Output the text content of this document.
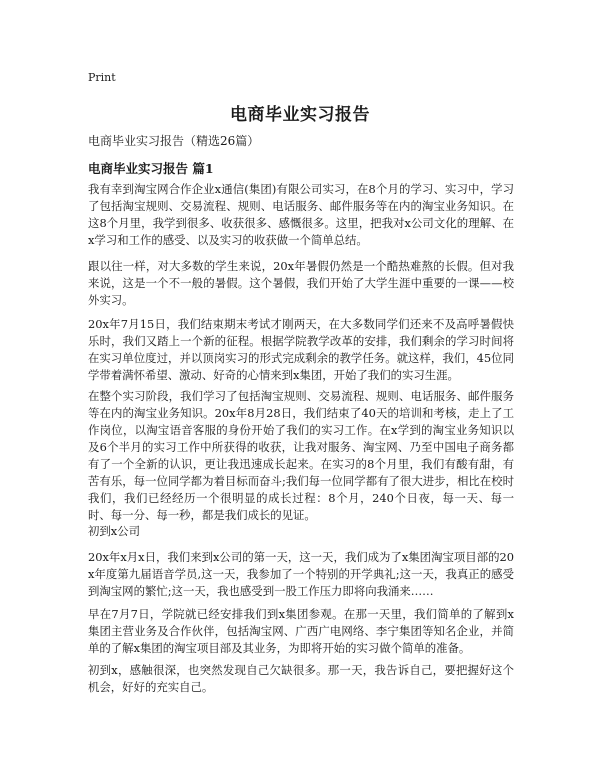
Print
电商毕业实习报告
电商毕业实习报告（精选26篇）
电商毕业实习报告 篇1

我有幸到淘宝网合作企业x通信(集团)有限公司实习，在8个月的学习、实习中，学习了包括淘宝规则、交易流程、规则、电话服务、邮件服务等在内的淘宝业务知识。在这8个月里，我学到很多、收获很多、感慨很多。这里，把我对x公司文化的理解、在x学习和工作的感受、以及实习的收获做一个简单总结。

跟以往一样，对大多数的学生来说，20x年暑假仍然是一个酷热难熬的长假。但对我来说，这是一个不一般的暑假。这个暑假，我们开始了大学生涯中重要的一课——校外实习。

20x年7月15日，我们结束期末考试才刚两天，在大多数同学们还来不及高呼暑假快乐时，我们又踏上一个新的征程。根据学院教学改革的安排，我们剩余的学习时间将在实习单位度过，并以顶岗实习的形式完成剩余的教学任务。就这样，我们，45位同学带着满怀希望、激动、好奇的心情来到x集团，开始了我们的实习生涯。

在整个实习阶段，我们学习了包括淘宝规则、交易流程、规则、电话服务、邮件服务等在内的淘宝业务知识。20x年8月28日，我们结束了40天的培训和考核，走上了工作岗位，以淘宝语音客服的身份开始了我们的实习工作。在x学到的淘宝业务知识以及6个半月的实习工作中所获得的收获，让我对服务、淘宝网、乃至中国电子商务都有了一个全新的认识，更让我迅速成长起来。在实习的8个月里，我们有酸有甜，有苦有乐，每一位同学都为着目标而奋斗;我们每一位同学都有了很大进步，相比在校时我们，我们已经经历一个很明显的成长过程：8个月，240个日夜，每一天、每一时、每一分、每一秒，都是我们成长的见证。

初到x公司

20x年x月x日，我们来到x公司的第一天，这一天，我们成为了x集团淘宝项目部的20x年度第九届语音学员,这一天，我参加了一个特别的开学典礼;这一天，我真正的感受到淘宝网的繁忙;这一天，我也感受到一股工作压力即将向我涌来……

早在7月7日，学院就已经安排我们到x集团参观。在那一天里，我们简单的了解到x集团主营业务及合作伙伴，包括淘宝网、广西广电网络、李宁集团等知名企业，并简单的了解x集团的淘宝项目部及其业务，为即将开始的实习做个简单的准备。

初到x，感触很深，也突然发现自己欠缺很多。那一天，我告诉自己，要把握好这个机会，好好的充实自己。
